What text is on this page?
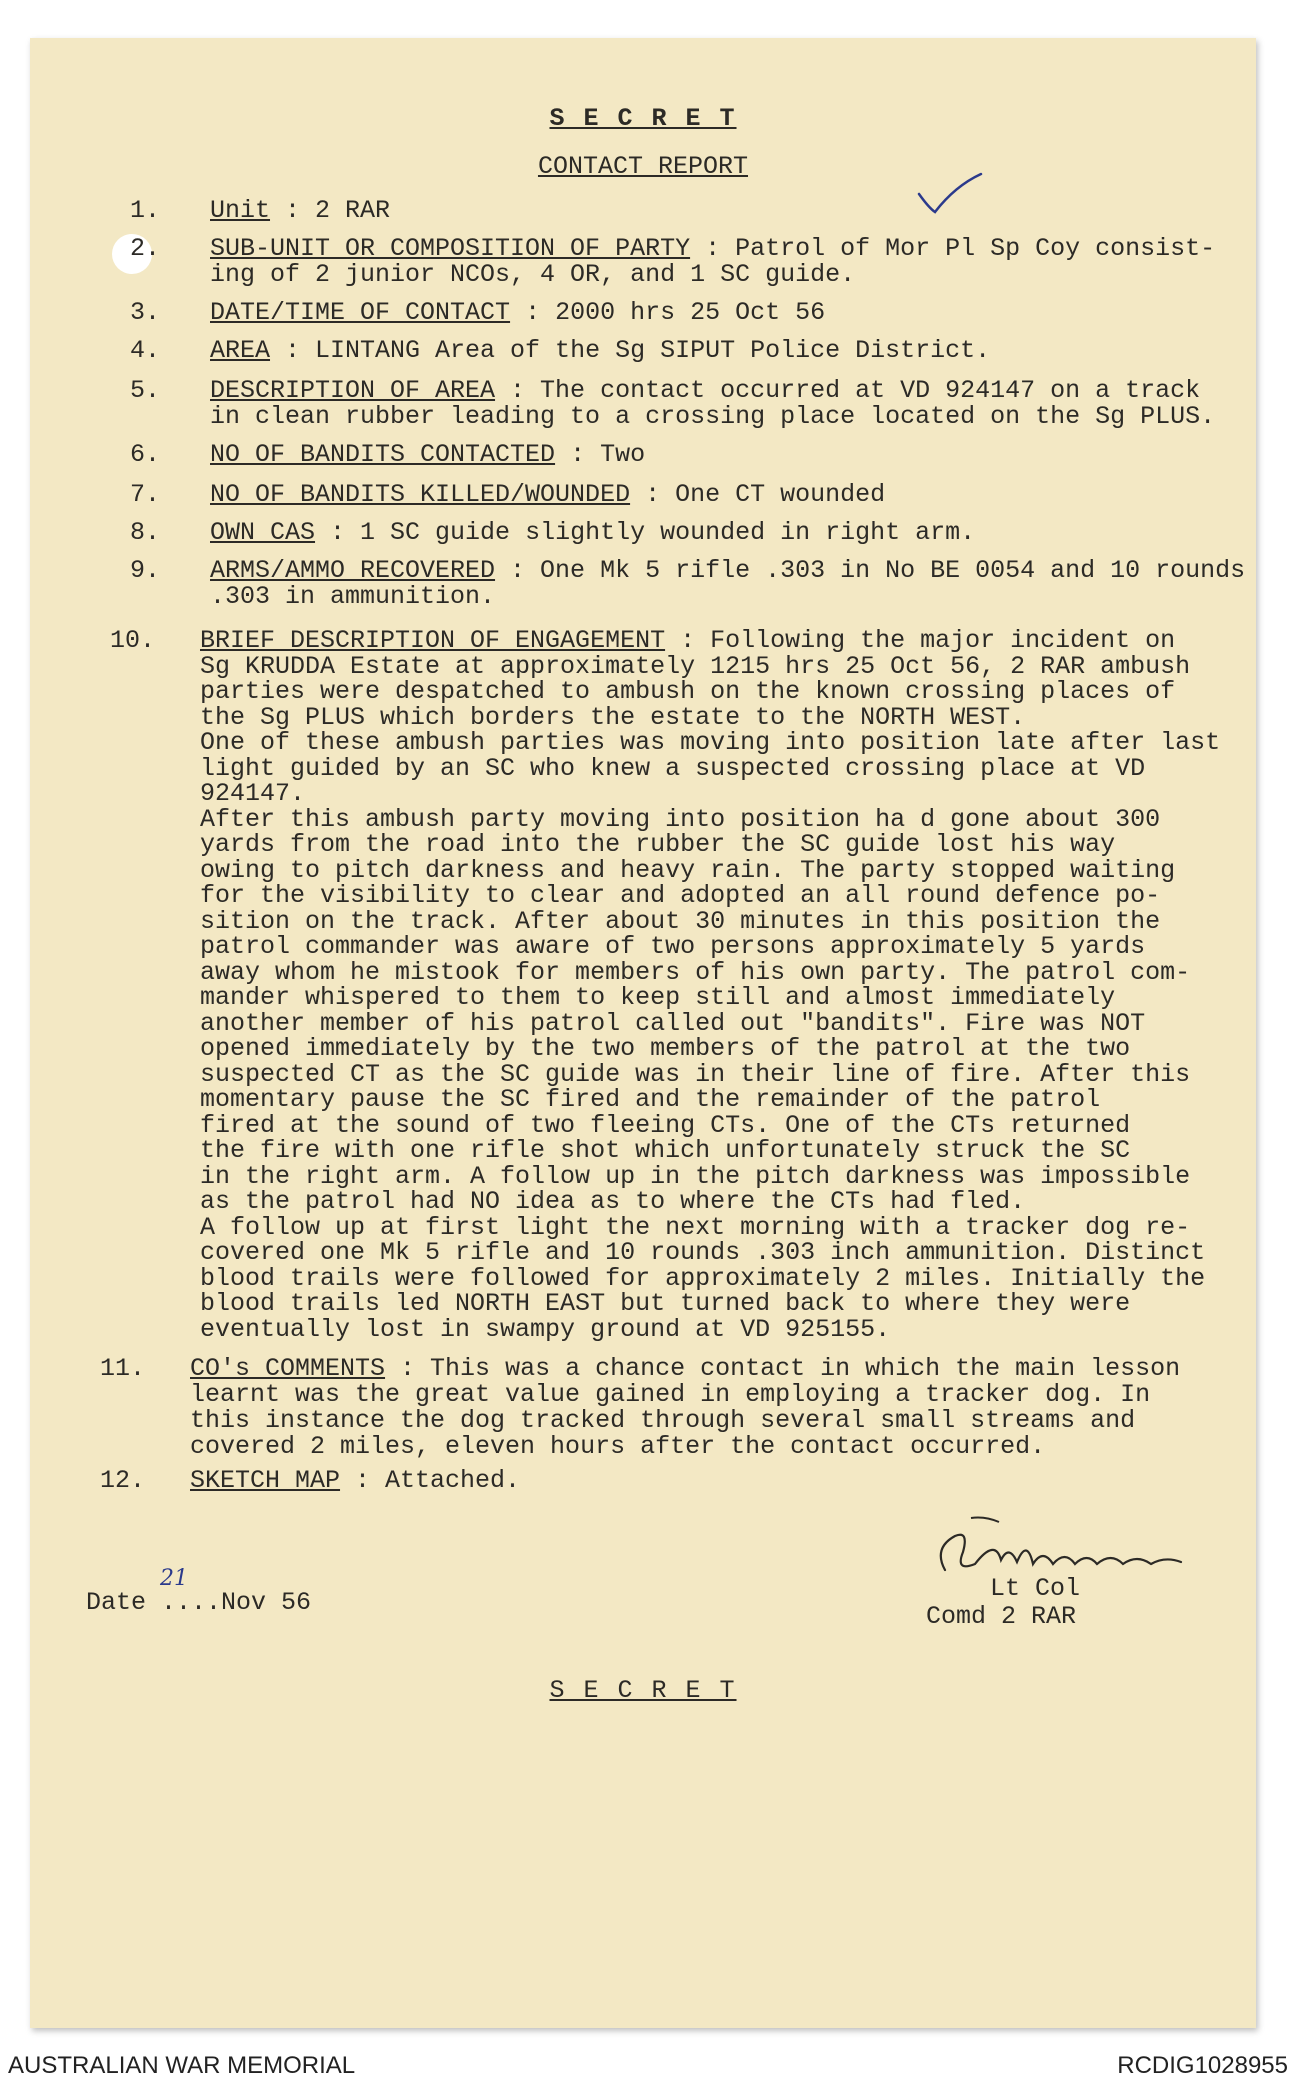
S E C R E T
CONTACT REPORT
1. Unit : 2 RAR
2. SUB-UNIT OR COMPOSITION OF PARTY : Patrol of Mor Pl Sp Coy consist-
ing of 2 junior NCOs, 4 OR, and 1 SC guide.

3. DATE/TIME OF CONTACT : 2000 hrs 25 Oct 56
4. AREA : LINTANG Area of the Sg SIPUT Police District.
5. DESCRIPTION OF AREA : The contact occurred at VD 924147 on a track
in clean rubber leading to a crossing place located on the Sg PLUS.

6. NO OF BANDITS CONTACTED : Two
7. NO OF BANDITS KILLED/WOUNDED : One CT wounded
8. OWN CAS : 1 SC guide slightly wounded in right arm.
9. ARMS/AMMO RECOVERED : One Mk 5 rifle .303 in No BE 0054 and 10 rounds
.303 in ammunition.

10. BRIEF DESCRIPTION OF ENGAGEMENT : Following the major incident on
Sg KRUDDA Estate at approximately 1215 hrs 25 Oct 56, 2 RAR ambush
parties were despatched to ambush on the known crossing places of
the Sg PLUS which borders the estate to the NORTH WEST.
One of these ambush parties was moving into position late after last
light guided by an SC who knew a suspected crossing place at VD
924147.
After this ambush party moving into position ha d gone about 300
yards from the road into the rubber the SC guide lost his way
owing to pitch darkness and heavy rain. The party stopped waiting
for the visibility to clear and adopted an all round defence po-
sition on the track. After about 30 minutes in this position the
patrol commander was aware of two persons approximately 5 yards
away whom he mistook for members of his own party. The patrol com-
mander whispered to them to keep still and almost immediately
another member of his patrol called out "bandits". Fire was NOT
opened immediately by the two members of the patrol at the two
suspected CT as the SC guide was in their line of fire. After this
momentary pause the SC fired and the remainder of the patrol
fired at the sound of two fleeing CTs. One of the CTs returned
the fire with one rifle shot which unfortunately struck the SC
in the right arm. A follow up in the pitch darkness was impossible
as the patrol had NO idea as to where the CTs had fled.
A follow up at first light the next morning with a tracker dog re-
covered one Mk 5 rifle and 10 rounds .303 inch ammunition. Distinct
blood trails were followed for approximately 2 miles. Initially the
blood trails led NORTH EAST but turned back to where they were
eventually lost in swampy ground at VD 925155.

11. CO's COMMENTS : This was a chance contact in which the main lesson
learnt was the great value gained in employing a tracker dog. In
this instance the dog tracked through several small streams and
covered 2 miles, eleven hours after the contact occurred.

12. SKETCH MAP : Attached.
Lt Col
Comd 2 RAR
Date ....Nov 56
21
S E C R E T
AUSTRALIAN WAR MEMORIAL	RCDIG1028955
